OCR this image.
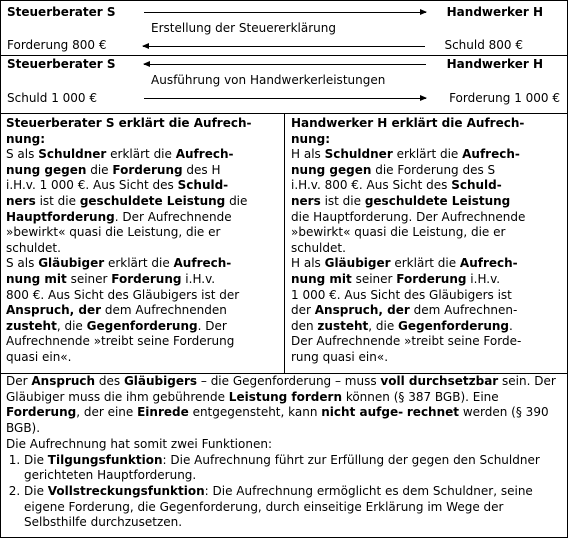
Steuerberater S	Handwerker H
Erstellung der Steuererklärung
Forderung 800 €	Schuld 800 €
Steuerberater S	Handwerker H
Ausführung von Handwerkerleistungen
Schuld 1 000 €	Forderung 1 000 €
Steuerberater S erklärt die Aufrech-
nung:
S als Schuldner erklärt die Aufrech-
nung gegen die Forderung des H
i.H.v. 1 000 €. Aus Sicht des Schuld-
ners ist die geschuldete Leistung die
Hauptforderung. Der Aufrechnende
»bewirkt« quasi die Leistung, die er
schuldet.
S als Gläubiger erklärt die Aufrech-
nung mit seiner Forderung i.H.v.
800 €. Aus Sicht des Gläubigers ist der
Anspruch, der dem Aufrechnenden
zusteht, die Gegenforderung. Der
Aufrechnende »treibt seine Forderung
quasi ein«.
Handwerker H erklärt die Aufrech-
nung:
H als Schuldner erklärt die Aufrech-
nung gegen die Forderung des S
i.H.v. 800 €. Aus Sicht des Schuld-
ners ist die geschuldete Leistung
die Hauptforderung. Der Aufrechnende
»bewirkt« quasi die Leistung, die er
schuldet.
H als Gläubiger erklärt die Aufrech-
nung mit seiner Forderung i.H.v.
1 000 €. Aus Sicht des Gläubigers ist
der Anspruch, der dem Aufrechnen-
den zusteht, die Gegenforderung.
Der Aufrechnende »treibt seine Forde-
rung quasi ein«.
Der Anspruch des Gläubigers – die Gegenforderung – muss voll durchsetzbar sein. Der Gläubiger muss die ihm gebührende Leistung fordern können (§ 387 BGB). Eine Forderung, der eine Einrede entgegensteht, kann nicht aufge- rechnet werden (§ 390 BGB).
Die Aufrechnung hat somit zwei Funktionen:
1. Die Tilgungsfunktion: Die Aufrechnung führt zur Erfüllung der gegen den Schuldner gerichteten Hauptforderung.
2. Die Vollstreckungsfunktion: Die Aufrechnung ermöglicht es dem Schuldner, seine eigene Forderung, die Gegenforderung, durch einseitige Erklärung im Wege der Selbsthilfe durchzusetzen.
